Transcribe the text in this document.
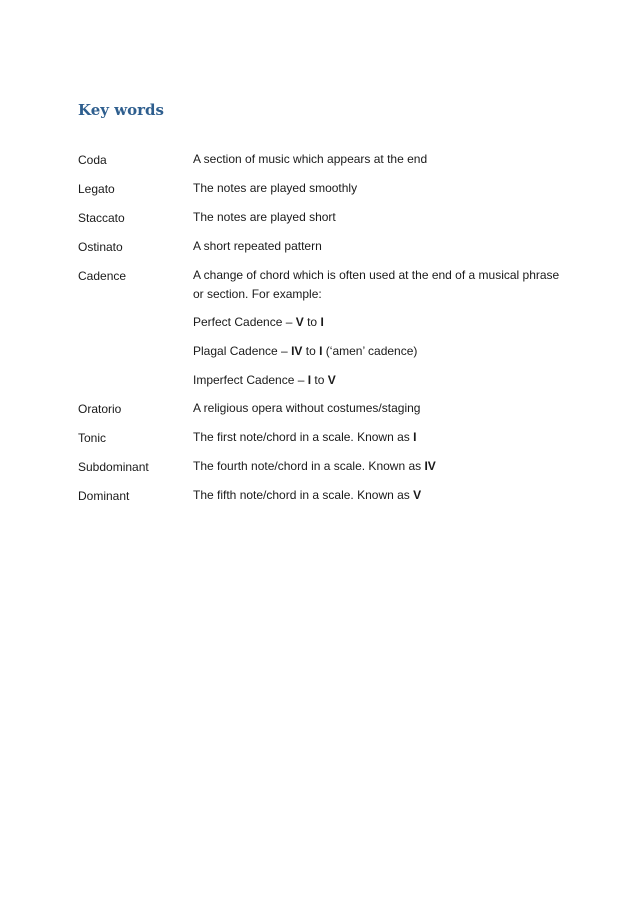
Key words
Coda	A section of music which appears at the end
Legato	The notes are played smoothly
Staccato	The notes are played short
Ostinato	A short repeated pattern
Cadence	A change of chord which is often used at the end of a musical phrase or section. For example:
Perfect Cadence – V to I
Plagal Cadence – IV to I (‘amen’ cadence)
Imperfect Cadence – I to V
Oratorio	A religious opera without costumes/staging
Tonic	The first note/chord in a scale. Known as I
Subdominant	The fourth note/chord in a scale. Known as IV
Dominant	The fifth note/chord in a scale. Known as V
